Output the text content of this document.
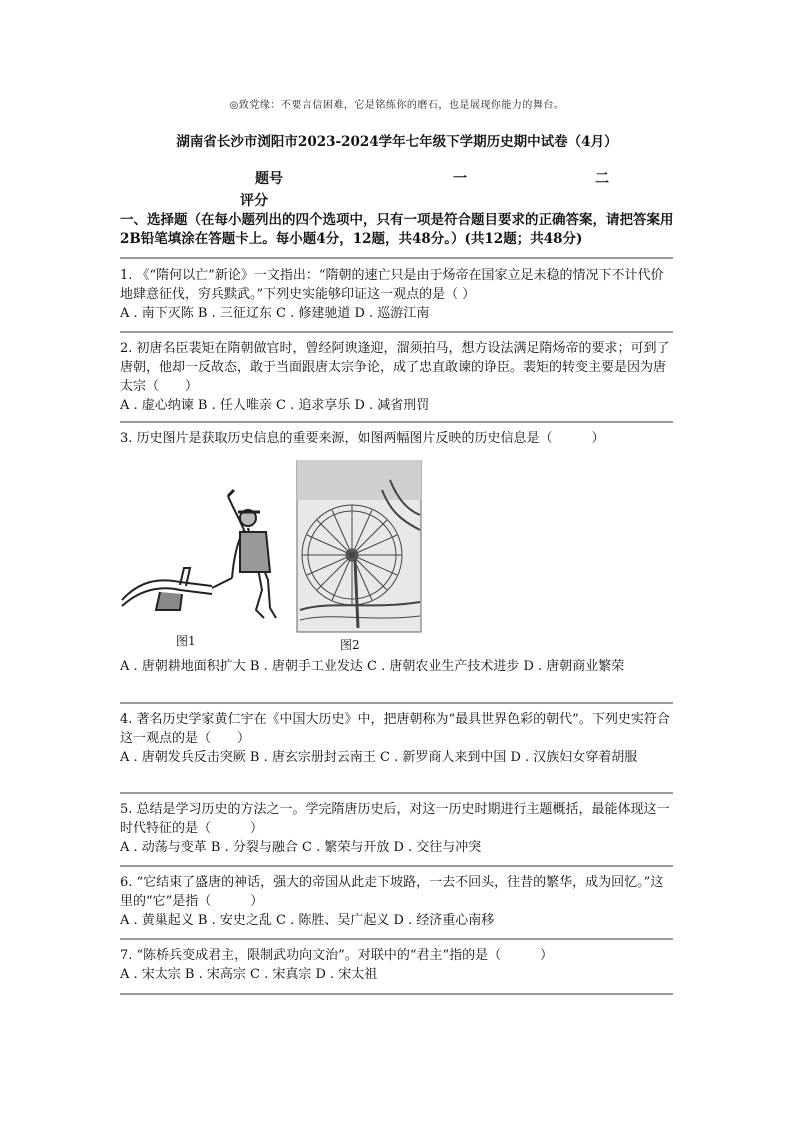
◎致党缘：不要言信困难，它是铭练你的磨石，也是展现你能力的舞台。
湖南省长沙市浏阳市2023-2024学年七年级下学期历史期中试卷（4月）
题号	一	二
评分
一、选择题（在每小题列出的四个选项中，只有一项是符合题目要求的正确答案，请把答案用2B铅笔填涂在答题卡上。每小题4分，12题，共48分。）(共12题；共48分)

1. 《“隋何以亡”新论》一文指出：“隋朝的速亡只是由于炀帝在国家立足未稳的情况下不计代价地肆意征伐，穷兵黩武。”下列史实能够印证这一观点的是（ ）

A . 南下灭陈 B . 三征辽东 C . 修建驰道 D . 巡游江南

2. 初唐名臣裴矩在隋朝做官时，曾经阿谀逢迎，溜须拍马，想方设法满足隋炀帝的要求；可到了唐朝，他却一反故态，敢于当面跟唐太宗争论，成了忠直敢谏的诤臣。裴矩的转变主要是因为唐太宗（　　）

A . 虚心纳谏 B . 任人唯亲 C . 追求享乐 D . 减省刑罚

3. 历史图片是获取历史信息的重要来源，如图两幅图片反映的历史信息是（　　　）

图1	图2

A . 唐朝耕地面积扩大 B . 唐朝手工业发达 C . 唐朝农业生产技术进步 D . 唐朝商业繁荣

4. 著名历史学家黄仁宇在《中国大历史》中，把唐朝称为“最具世界色彩的朝代”。下列史实符合这一观点的是（　　）

A . 唐朝发兵反击突厥 B . 唐玄宗册封云南王 C . 新罗商人来到中国 D . 汉族妇女穿着胡服

5. 总结是学习历史的方法之一。学完隋唐历史后，对这一历史时期进行主题概括，最能体现这一时代特征的是（　　　）

A . 动荡与变革 B . 分裂与融合 C . 繁荣与开放 D . 交往与冲突

6. “它结束了盛唐的神话，强大的帝国从此走下坡路，一去不回头，往昔的繁华，成为回忆。”这里的“它”是指（　　　）

A . 黄巢起义 B . 安史之乱 C . 陈胜、吴广起义 D . 经济重心南移

7. “陈桥兵变成君主，限制武功向文治”。对联中的“君主”指的是（　　　）

A . 宋太宗 B . 宋高宗 C . 宋真宗 D . 宋太祖
